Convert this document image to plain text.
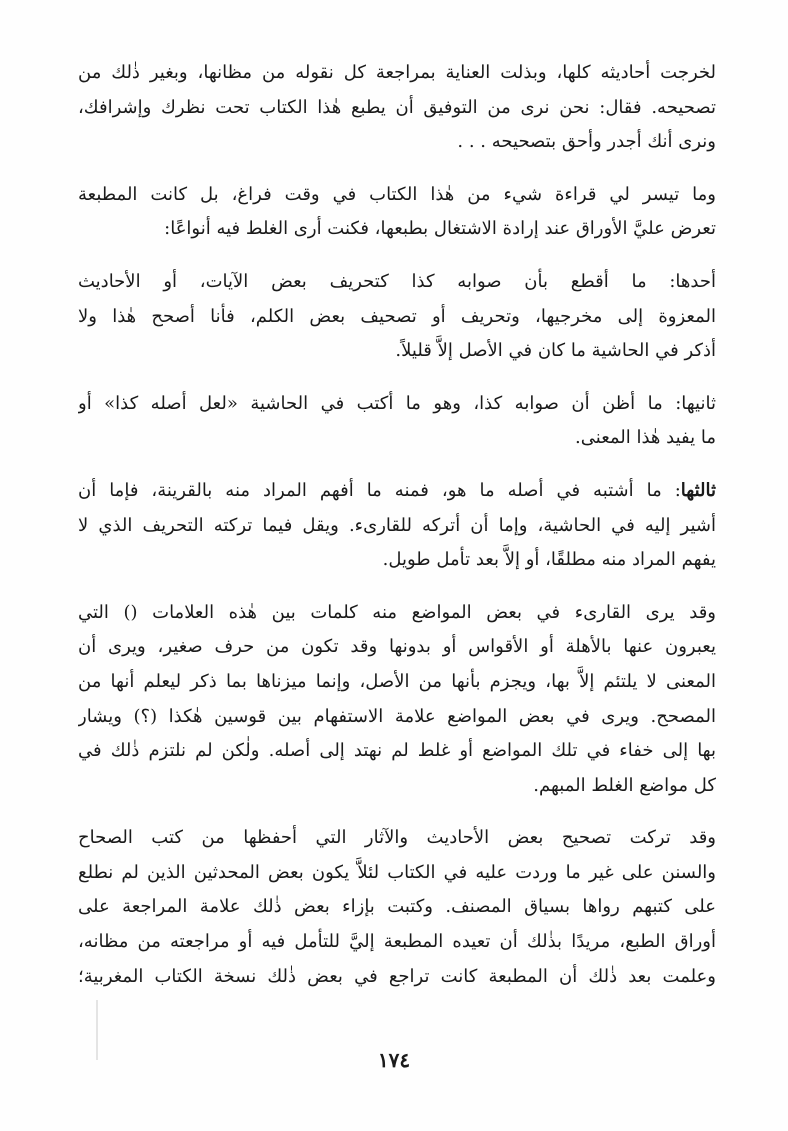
لخرجت أحاديثه كلها، وبذلت العناية بمراجعة كل نقوله من مظانها، وبغير ذٰلك من
تصحيحه. فقال: نحن نرى من التوفيق أن يطبع هٰذا الكتاب تحت نظرك وإشرافك،
ونرى أنك أجدر وأحق بتصحيحه . . .

وما تيسر لي قراءة شيء من هٰذا الكتاب في وقت فراغ، بل كانت المطبعة
تعرض عليَّ الأوراق عند إرادة الاشتغال بطبعها، فكنت أرى الغلط فيه أنواعًا:

أحدها: ما أقطع بأن صوابه كذا كتحريف بعض الآيات، أو الأحاديث
المعزوة إلى مخرجيها، وتحريف أو تصحيف بعض الكلم، فأنا أصحح هٰذا ولا
أذكر في الحاشية ما كان في الأصل إلاَّ قليلاً.

ثانيها: ما أظن أن صوابه كذا، وهو ما أكتب في الحاشية «لعل أصله كذا» أو
ما يفيد هٰذا المعنى.

ثالثها: ما أشتبه في أصله ما هو، فمنه ما أفهم المراد منه بالقرينة، فإما أن
أشير إليه في الحاشية، وإما أن أتركه للقارىء. ويقل فيما تركته التحريف الذي لا
يفهم المراد منه مطلقًا، أو إلاَّ بعد تأمل طويل.

وقد يرى القارىء في بعض المواضع منه كلمات بين هٰذه العلامات () التي
يعبرون عنها بالأهلة أو الأقواس أو بدونها وقد تكون من حرف صغير، ويرى أن
المعنى لا يلتئم إلاَّ بها، ويجزم بأنها من الأصل، وإنما ميزناها بما ذكر ليعلم أنها من
المصحح. ويرى في بعض المواضع علامة الاستفهام بين قوسين هٰكذا (؟) ويشار
بها إلى خفاء في تلك المواضع أو غلط لم نهتد إلى أصله. ولٰكن لم نلتزم ذٰلك في
كل مواضع الغلط المبهم.

وقد تركت تصحيح بعض الأحاديث والآثار التي أحفظها من كتب الصحاح
والسنن على غير ما وردت عليه في الكتاب لئلاَّ يكون بعض المحدثين الذين لم نطلع
على كتبهم رواها بسياق المصنف. وكتبت بإزاء بعض ذٰلك علامة المراجعة على
أوراق الطبع، مريدًا بذٰلك أن تعيده المطبعة إليَّ للتأمل فيه أو مراجعته من مظانه،
وعلمت بعد ذٰلك أن المطبعة كانت تراجع في بعض ذٰلك نسخة الكتاب المغربية؛

١٧٤
